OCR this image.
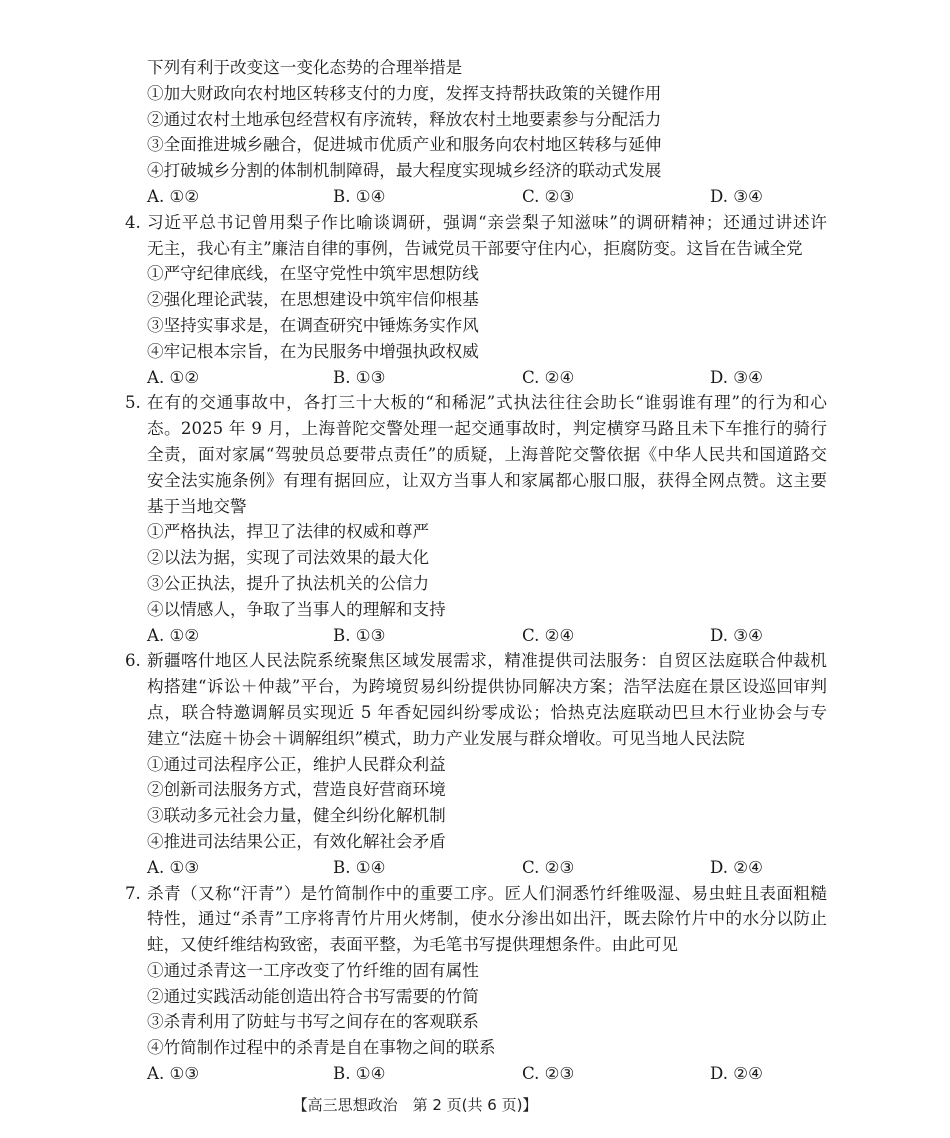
下列有利于改变这一变化态势的合理举措是
①加大财政向农村地区转移支付的力度，发挥支持帮扶政策的关键作用
②通过农村土地承包经营权有序流转，释放农村土地要素参与分配活力
③全面推进城乡融合，促进城市优质产业和服务向农村地区转移与延伸
④打破城乡分割的体制机制障碍，最大程度实现城乡经济的联动式发展
A. ①②	B. ①④	C. ②③	D. ③④
4. 习近平总书记曾用梨子作比喻谈调研，强调“亲尝梨子知滋味”的调研精神；还通过讲述许
无主，我心有主”廉洁自律的事例，告诫党员干部要守住内心，拒腐防变。这旨在告诫全党
①严守纪律底线，在坚守党性中筑牢思想防线
②强化理论武装，在思想建设中筑牢信仰根基
③坚持实事求是，在调查研究中锤炼务实作风
④牢记根本宗旨，在为民服务中增强执政权威
A. ①②	B. ①③	C. ②④	D. ③④
5. 在有的交通事故中，各打三十大板的“和稀泥”式执法往往会助长“谁弱谁有理”的行为和心
态。2025 年 9 月，上海普陀交警处理一起交通事故时，判定横穿马路且未下车推行的骑行
全责，面对家属“驾驶员总要带点责任”的质疑，上海普陀交警依据《中华人民共和国道路交
安全法实施条例》有理有据回应，让双方当事人和家属都心服口服，获得全网点赞。这主要
基于当地交警
①严格执法，捍卫了法律的权威和尊严
②以法为据，实现了司法效果的最大化
③公正执法，提升了执法机关的公信力
④以情感人，争取了当事人的理解和支持
A. ①②	B. ①③	C. ②④	D. ③④
6. 新疆喀什地区人民法院系统聚焦区域发展需求，精准提供司法服务：自贸区法庭联合仲裁机
构搭建“诉讼＋仲裁”平台，为跨境贸易纠纷提供协同解决方案；浩罕法庭在景区设巡回审判
点，联合特邀调解员实现近 5 年香妃园纠纷零成讼；恰热克法庭联动巴旦木行业协会与专
建立“法庭＋协会＋调解组织”模式，助力产业发展与群众增收。可见当地人民法院
①通过司法程序公正，维护人民群众利益
②创新司法服务方式，营造良好营商环境
③联动多元社会力量，健全纠纷化解机制
④推进司法结果公正，有效化解社会矛盾
A. ①③	B. ①④	C. ②③	D. ②④
7. 杀青（又称“汗青”）是竹简制作中的重要工序。匠人们洞悉竹纤维吸湿、易虫蛀且表面粗糙
特性，通过“杀青”工序将青竹片用火烤制，使水分渗出如出汗，既去除竹片中的水分以防止
蛀，又使纤维结构致密，表面平整，为毛笔书写提供理想条件。由此可见
①通过杀青这一工序改变了竹纤维的固有属性
②通过实践活动能创造出符合书写需要的竹简
③杀青利用了防蛀与书写之间存在的客观联系
④竹简制作过程中的杀青是自在事物之间的联系
A. ①③	B. ①④	C. ②③	D. ②④
【高三思想政治　第 2 页(共 6 页)】
